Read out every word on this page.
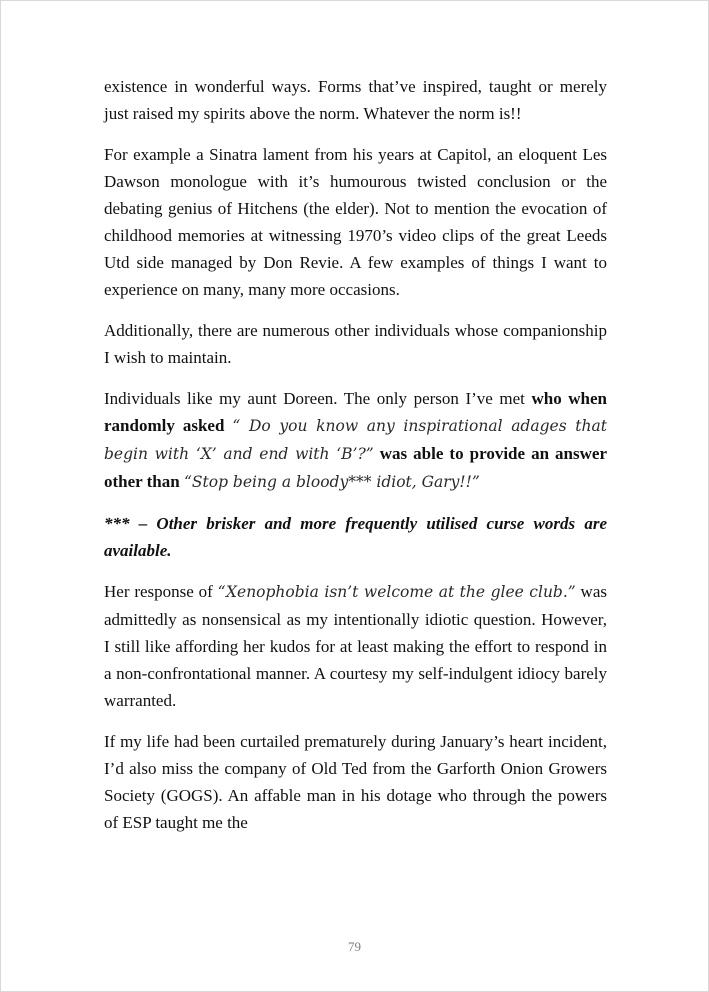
existence in wonderful ways. Forms that’ve inspired, taught or merely just raised my spirits above the norm. Whatever the norm is!!

For example a Sinatra lament from his years at Capitol, an eloquent Les Dawson monologue with it’s humourous twisted conclusion or the debating genius of Hitchens (the elder). Not to mention the evocation of childhood memories at witnessing 1970’s video clips of the great Leeds Utd side managed by Don Revie. A few examples of things I want to experience on many, many more occasions.

Additionally, there are numerous other individuals whose companionship I wish to maintain.

Individuals like my aunt Doreen. The only person I’ve met who when randomly asked “ Do you know any inspirational adages that begin with ‘X’ and end with ‘B’?” was able to provide an answer other than “Stop being a bloody*** idiot, Gary!!”

*** – Other brisker and more frequently utilised curse words are available.

Her response of “Xenophobia isn’t welcome at the glee club.” was admittedly as nonsensical as my intentionally idiotic question. However, I still like affording her kudos for at least making the effort to respond in a non-confrontational manner. A courtesy my self-indulgent idiocy barely warranted.

If my life had been curtailed prematurely during January’s heart incident, I’d also miss the company of Old Ted from the Garforth Onion Growers Society (GOGS). An affable man in his dotage who through the powers of ESP taught me the

79
